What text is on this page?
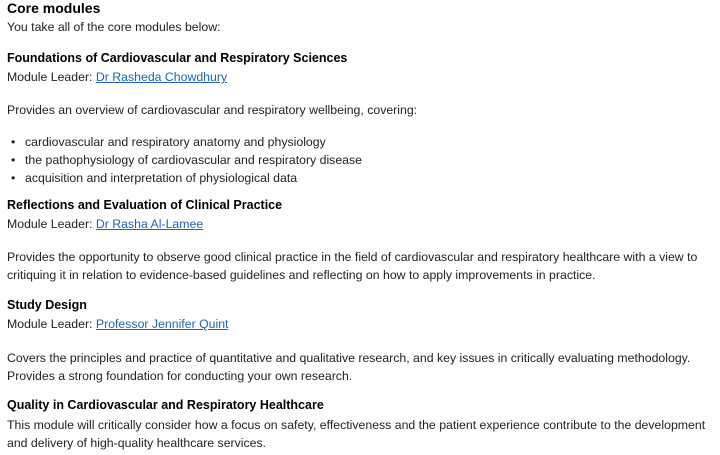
Core modules

You take all of the core modules below:

Foundations of Cardiovascular and Respiratory Sciences

Module Leader: Dr Rasheda Chowdhury

Provides an overview of cardiovascular and respiratory wellbeing, covering:

• cardiovascular and respiratory anatomy and physiology
• the pathophysiology of cardiovascular and respiratory disease
• acquisition and interpretation of physiological data
Reflections and Evaluation of Clinical Practice

Module Leader: Dr Rasha Al-Lamee

Provides the opportunity to observe good clinical practice in the field of cardiovascular and respiratory healthcare with a view to critiquing it in relation to evidence-based guidelines and reflecting on how to apply improvements in practice.

Study Design

Module Leader: Professor Jennifer Quint

Covers the principles and practice of quantitative and qualitative research, and key issues in critically evaluating methodology. Provides a strong foundation for conducting your own research.

Quality in Cardiovascular and Respiratory Healthcare

This module will critically consider how a focus on safety, effectiveness and the patient experience contribute to the development and delivery of high-quality healthcare services.
